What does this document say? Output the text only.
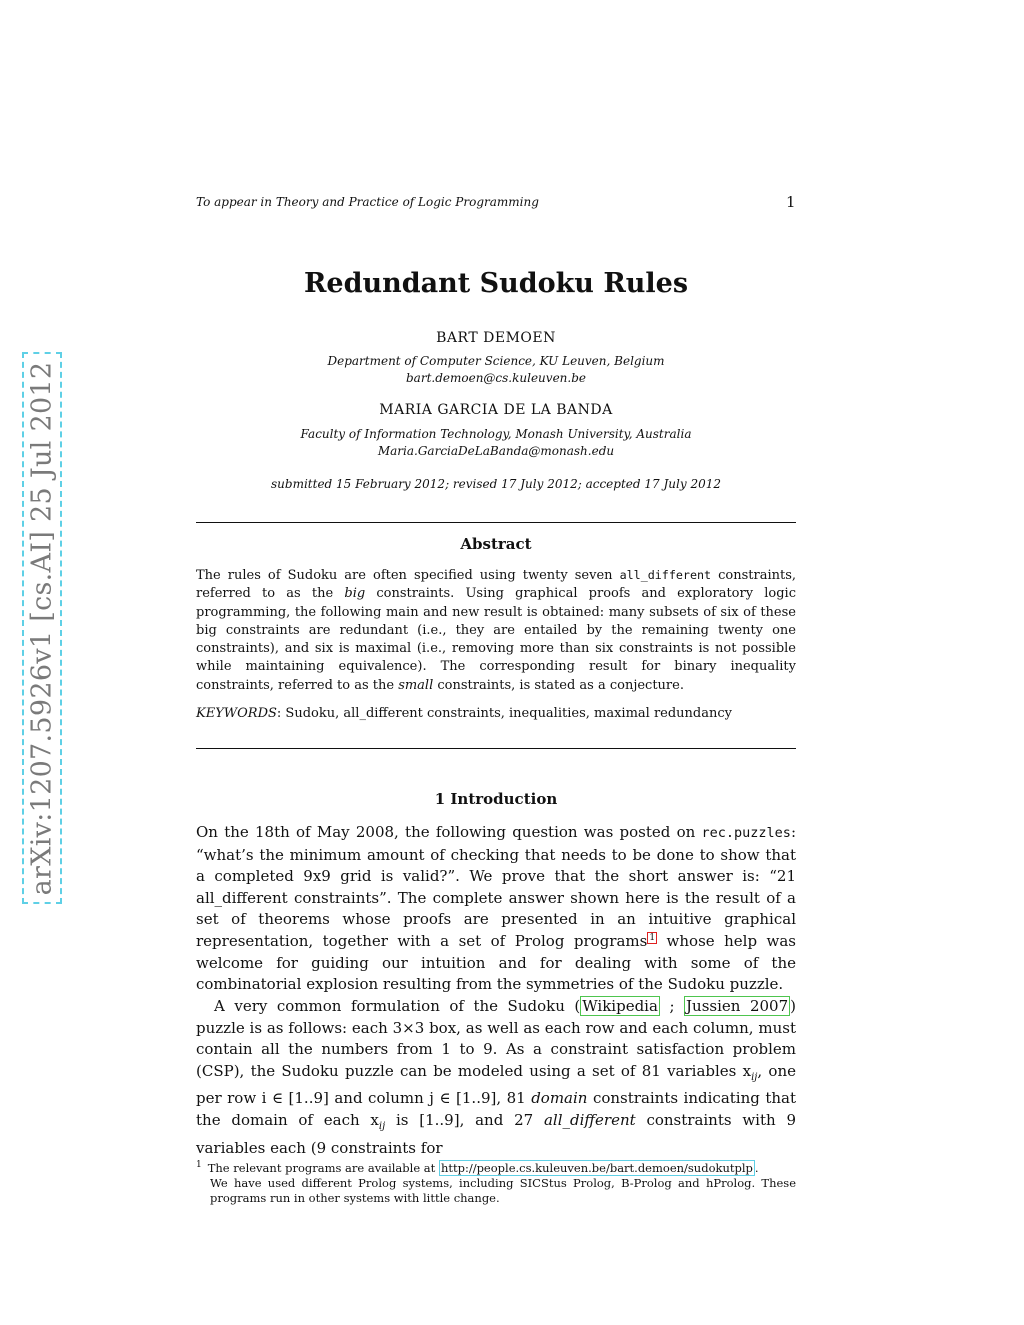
To appear in Theory and Practice of Logic Programming	1
arXiv:1207.5926v1 [cs.AI] 25 Jul 2012
Redundant Sudoku Rules
BART DEMOEN
Department of Computer Science, KU Leuven, Belgium
bart.demoen@cs.kuleuven.be
MARIA GARCIA DE LA BANDA
Faculty of Information Technology, Monash University, Australia
Maria.GarciaDeLaBanda@monash.edu
submitted 15 February 2012; revised 17 July 2012; accepted 17 July 2012
Abstract

The rules of Sudoku are often specified using twenty seven all_different constraints, referred to as the big constraints. Using graphical proofs and exploratory logic programming, the following main and new result is obtained: many subsets of six of these big constraints are redundant (i.e., they are entailed by the remaining twenty one constraints), and six is maximal (i.e., removing more than six constraints is not possible while maintaining equivalence). The corresponding result for binary inequality constraints, referred to as the small constraints, is stated as a conjecture.

KEYWORDS: Sudoku, all_different constraints, inequalities, maximal redundancy
1 Introduction

On the 18th of May 2008, the following question was posted on rec.puzzles: “what’s the minimum amount of checking that needs to be done to show that a completed 9x9 grid is valid?”. We prove that the short answer is: “21 all_different constraints”. The complete answer shown here is the result of a set of theorems whose proofs are presented in an intuitive graphical representation, together with a set of Prolog programs $^1$ whose help was welcome for guiding our intuition and for dealing with some of the combinatorial explosion resulting from the symmetries of the Sudoku puzzle.

A very common formulation of the Sudoku ( Wikipedia ; Jussien 2007 ) puzzle is as follows: each 3×3 box, as well as each row and each column, must contain all the numbers from 1 to 9. As a constraint satisfaction problem (CSP), the Sudoku puzzle can be modeled using a set of 81 variables $x_{ij}$, one per row i ∈ [1..9] and column j ∈ [1..9], 81 domain constraints indicating that the domain of each $x_{ij}$ is [1..9], and 27 all_different constraints with 9 variables each (9 constraints for

$^1$ The relevant programs are available at http://people.cs.kuleuven.be/bart.demoen/sudokutplp .
We have used different Prolog systems, including SICStus Prolog, B-Prolog and hProlog. These programs run in other systems with little change.
